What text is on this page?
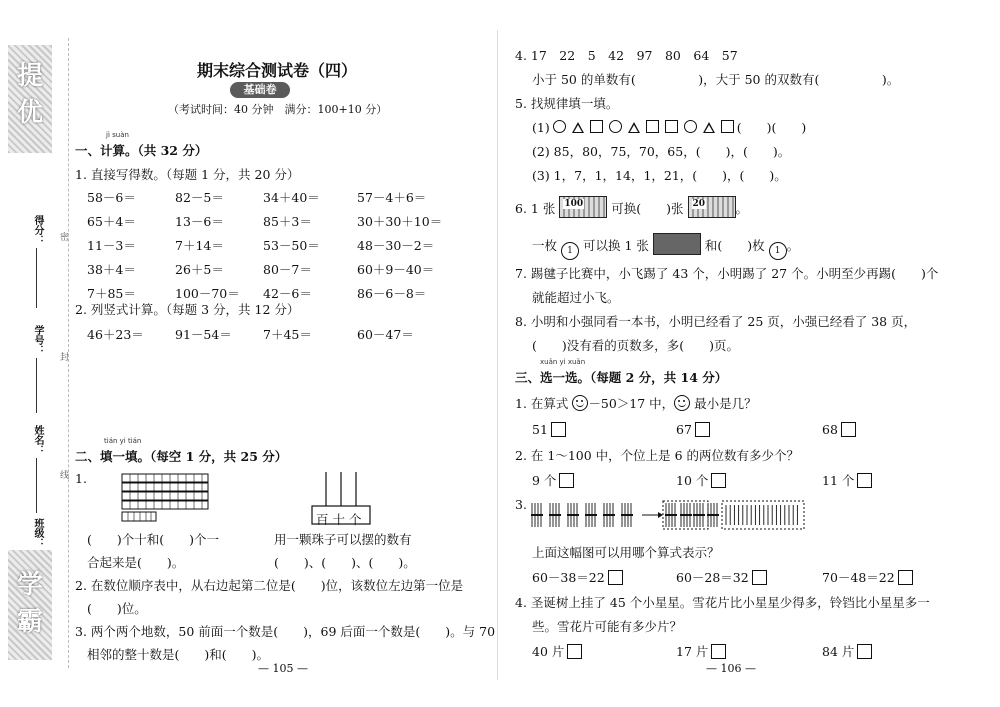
提优
得分：
学号：
姓名：
班级：
密
封
线
学霸
期末综合测试卷（四）
基础卷
（考试时间：40 分钟　满分：100+10 分）
jì suàn
一、计算。（共 32 分）
1. 直接写得数。（每题 1 分，共 20 分）
58－6＝	82－5＝	34＋40＝	57－4＋6＝
65＋4＝	13－6＝	85＋3＝	30＋30＋10＝
11－3＝	7＋14＝	53－50＝	48－30－2＝
38＋4＝	26＋5＝	80－7＝	60＋9－40＝
7＋85＝	100－70＝ 42－6＝	86－6－8＝
2. 列竖式计算。（每题 3 分，共 12 分）
46＋23＝ 91－54＝ 7＋45＝	60－47＝
tián yi tián
二、填一填。（每空 1 分，共 25 分）
1.
百十个
(　　)个十和(　　)个一	用一颗珠子可以摆的数有
合起来是(　　)。	(　　)、(　　)、(　　)。
2. 在数位顺序表中，从右边起第二位是(　　)位，该数位左边第一位是
(　　)位。
3. 两个两个地数，50 前面一个数是(　　)，69 后面一个数是(　　)。与 70
相邻的整十数是(　　)和(　　)。
— 105 —
4. 17　22　5　42　97　80　64　57
小于 50 的单数有(　　　　　)，大于 50 的双数有(　　　　　)。
5. 找规律填一填。
(1)	(　　)(　　)
(2) 85，80，75，70，65，(　　)，(　　)。
(3) 1，7，1，14，1，21，(　　)，(　　)。
6. 1 张 100 可换(　　)张 20 。
一枚 1 可以换 1 张	和(　　)枚 1 。
7. 踢毽子比赛中，小飞踢了 43 个，小明踢了 27 个。小明至少再踢(　　)个
就能超过小飞。
8. 小明和小强同看一本书，小明已经看了 25 页，小强已经看了 38 页，
(　　)没有看的页数多，多(　　)页。
xuǎn yi xuǎn
三、选一选。（每题 2 分，共 14 分）
1. 在算式 －50＞17 中， 最小是几？
51	67	68
2. 在 1～100 中，个位上是 6 的两位数有多少个？
9 个	10 个	11 个
3.
上面这幅图可以用哪个算式表示？
60－38＝22	60－28＝32	70－48＝22
4. 圣诞树上挂了 45 个小星星。雪花片比小星星少得多，铃铛比小星星多一
些。雪花片可能有多少片？
40 片	17 片	84 片
— 106 —
